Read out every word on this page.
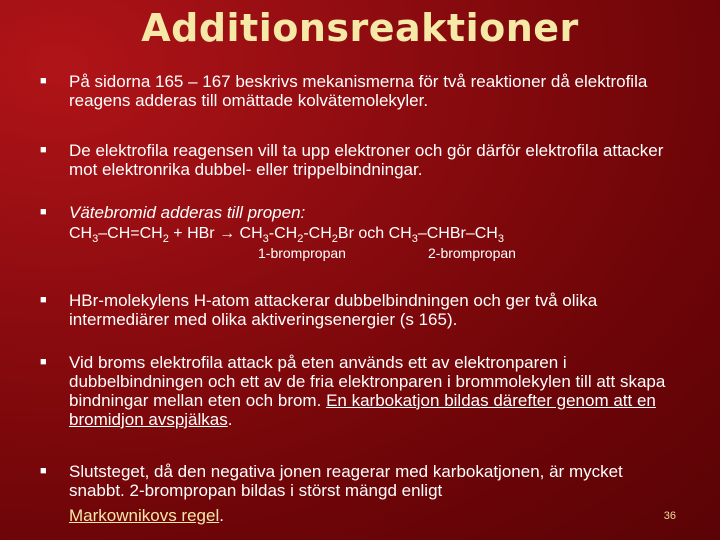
Additionsreaktioner
■
På sidorna 165 – 167 beskrivs mekanismerna för två reaktioner då elektrofila reagens adderas till omättade kolvätemolekyler.
■
De elektrofila reagensen vill ta upp elektroner och gör därför elektrofila attacker mot elektronrika dubbel- eller trippelbindningar.
■
Vätebromid adderas till propen:
$CH_3-CH=CH_2$ + HBr → $CH_3-CH_2-CH_2Br$ och $CH_3-CHBr-CH_3$
1-brompropan	2-brompropan
■
HBr-molekylens H-atom attackerar dubbelbindningen och ger två olika intermediärer med olika aktiveringsenergier (s 165).
■
Vid broms elektrofila attack på eten används ett av elektronparen i dubbelbindningen och ett av de fria elektronparen i brommolekylen till att skapa bindningar mellan eten och brom. En karbokatjon bildas därefter genom att en bromidjon avspjälkas.
■
Slutsteget, då den negativa jonen reagerar med karbokatjonen, är mycket snabbt. 2-brompropan bildas i störst mängd enligt
Markownikovs regel.	36
